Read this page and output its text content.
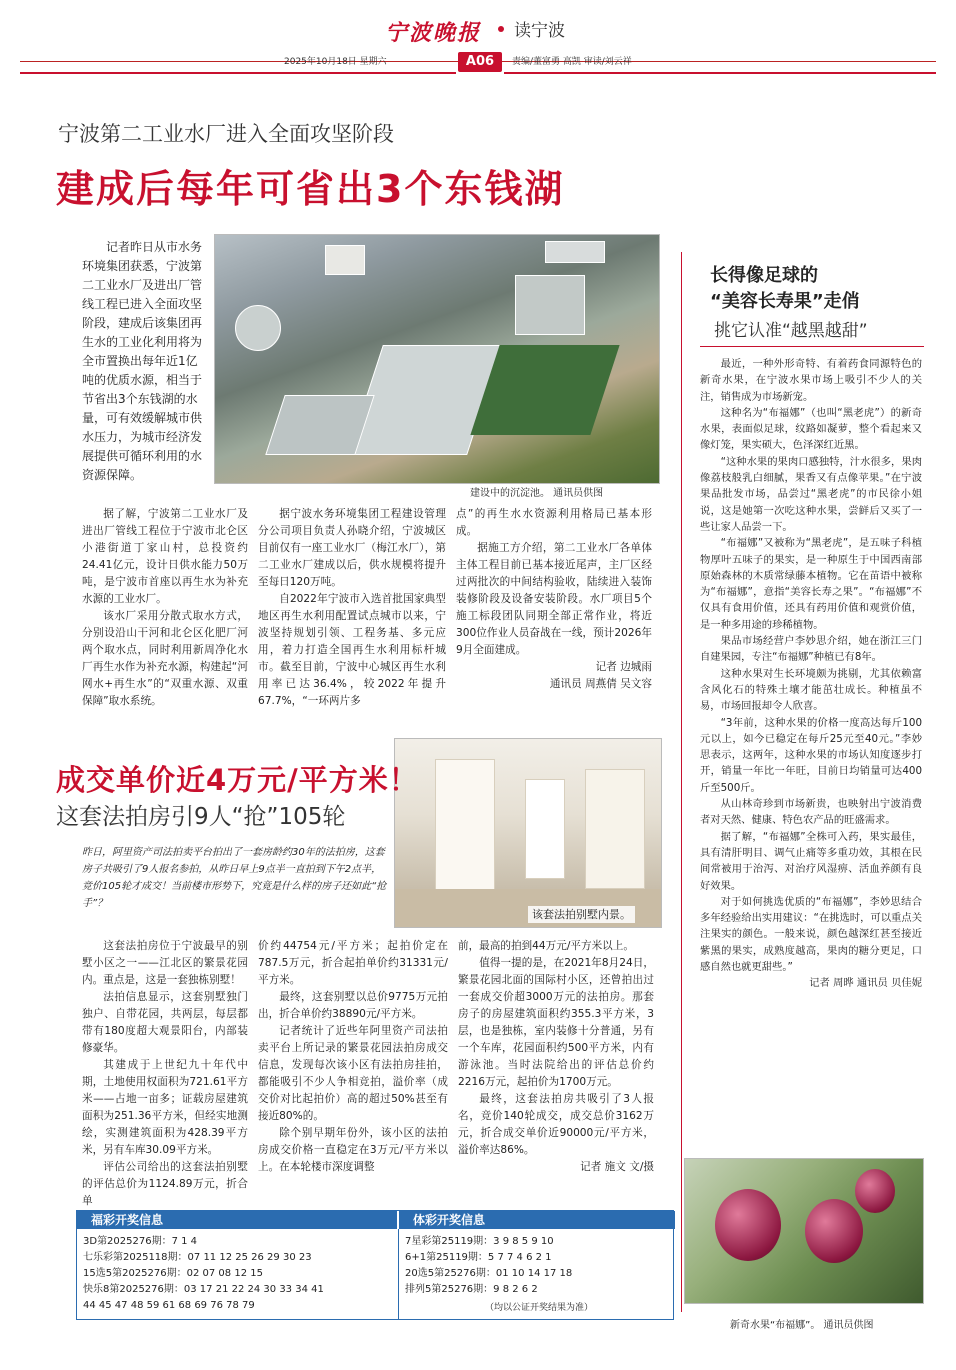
宁波晚报 读宁波
2025年10月18日 星期六	责编/董富勇 高凯 审读/刘云祥
A06
宁波第二工业水厂进入全面攻坚阶段
建成后每年可省出3个东钱湖
记者昨日从市水务环境集团获悉，宁波第二工业水厂及进出厂管线工程已进入全面攻坚阶段，建成后该集团再生水的工业化利用将为全市置换出每年近1亿吨的优质水源，相当于节省出3个东钱湖的水量，可有效缓解城市供水压力，为城市经济发展提供可循环利用的水资源保障。
建设中的沉淀池。 通讯员供图

据了解，宁波第二工业水厂及进出厂管线工程位于宁波市北仑区小港街道丁家山村，总投资约24.41亿元，设计日供水能力50万吨，是宁波市首座以再生水为补充水源的工业水厂。

该水厂采用分散式取水方式，分别设沿山干河和北仑区化肥厂河两个取水点，同时利用新周净化水厂再生水作为补充水源，构建起“河网水+再生水”的“双重水源、双重保障”取水系统。

据宁波水务环境集团工程建设管理分公司项目负责人孙晓介绍，宁波城区目前仅有一座工业水厂（梅江水厂），第二工业水厂建成以后，供水规模将提升至每日120万吨。

自2022年宁波市入选首批国家典型地区再生水利用配置试点城市以来，宁波坚持规划引领、工程务基、多元应用，着力打造全国再生水利用标杆城市。截至目前，宁波中心城区再生水利用率已达36.4%，较2022年提升67.7%，“一环两片多

点”的再生水水资源利用格局已基本形成。

据施工方介绍，第二工业水厂各单体主体工程目前已基本接近尾声，主厂区经过两批次的中间结构验收，陆续进入装饰装修阶段及设备安装阶段。水厂项目5个施工标段团队同期全部正常作业，将近300位作业人员奋战在一线，预计2026年9月全面建成。

记者 边城雨

通讯员 周燕倩 吴文容

长得像足球的
“美容长寿果”走俏
挑它认准“越黑越甜”

最近，一种外形奇特、有着药食同源特色的新奇水果，在宁波水果市场上吸引不少人的关注，销售成为市场新宠。

这种名为“布福娜”（也叫“黑老虎”）的新奇水果，表面似足球，纹路如凝萝，整个看起来又像灯笼，果实硕大，色泽深红近黑。

“这种水果的果肉口感独特，汁水很多，果肉像荔枝般乳白细腻，果香又有点像苹果。”在宁波果品批发市场，品尝过“黑老虎”的市民徐小姐说，这是她第一次吃这种水果，尝鲜后又买了一些让家人品尝一下。

“布福娜”又被称为“黑老虎”，是五味子科植物厚叶五味子的果实，是一种原生于中国西南部原始森林的木质常绿藤本植物。它在苗语中被称为“布福娜”，意指“美容长寿之果”。“布福娜”不仅具有食用价值，还具有药用价值和观赏价值，是一种多用途的珍稀植物。

果品市场经营户李妙思介绍，她在浙江三门自建果园，专注“布福娜”种植已有8年。

这种水果对生长环境颇为挑剔，尤其依赖富含风化石的特殊土壤才能茁壮成长。种植虽不易，市场回报却令人欣喜。

“3年前，这种水果的价格一度高达每斤100元以上，如今已稳定在每斤25元至40元。”李妙思表示，这两年，这种水果的市场认知度逐步打开，销量一年比一年旺，目前日均销量可达400斤至500斤。

从山林奇珍到市场新贵，也映射出宁波消费者对天然、健康、特色农产品的旺盛需求。

据了解，“布福娜”全株可入药，果实最佳，具有清肝明目、调气止痛等多重功效，其根在民间常被用于治泻、对治疗风湿痹、活血养颜有良好效果。

对于如何挑选优质的“布福娜”，李妙思结合多年经验给出实用建议：“在挑选时，可以重点关注果实的颜色。一般来说，颜色越深红甚至接近紫黑的果实，成熟度越高，果肉的糖分更足，口感自然也就更甜些。”

记者 周晔 通讯员 贝佳妮

新奇水果“布福娜”。 通讯员供图
成交单价近4万元/平方米！
这套法拍房引9人“抢”105轮
该套法拍别墅内景。
昨日，阿里资产司法拍卖平台拍出了一套房龄约30年的法拍房，这套房子共吸引了9人报名参拍，从昨日早上9点半一直拍到下午2点半，竞价105轮才成交！当前楼市形势下，究竟是什么样的房子还如此“抢手”？

这套法拍房位于宁波最早的别墅小区之一——江北区的繁景花园内。重点是，这是一套独栋别墅！

法拍信息显示，这套别墅独门独户、自带花园，共两层，每层都带有180度超大观景阳台，内部装修豪华。

其建成于上世纪九十年代中期，土地使用权面积为721.61平方米——占地一亩多；证载房屋建筑面积为251.36平方米，但经实地测绘，实测建筑面积为428.39平方米，另有车库30.09平方米。

评估公司给出的这套法拍别墅的评估总价为1124.89万元，折合单

价约44754元/平方米；起拍价定在787.5万元，折合起拍单价约31331元/平方米。

最终，这套别墅以总价9775万元拍出，折合单价约38890元/平方米。

记者统计了近些年阿里资产司法拍卖平台上所记录的繁景花园法拍房成交信息，发现每次该小区有法拍房挂拍，都能吸引不少人争相竞拍，溢价率（成交价对比起拍价）高的超过50%甚至有接近80%的。

除个别早期年份外，该小区的法拍房成交价格一直稳定在3万元/平方米以上。在本轮楼市深度调整

前，最高的拍到44万元/平方米以上。

值得一提的是，在2021年8月24日，繁景花园北面的国际村小区，还曾拍出过一套成交价超3000万元的法拍房。那套房子的房屋建筑面积约355.3平方米，3层，也是独栋，室内装修十分普通，另有一个车库，花园面积约500平方米，内有游泳池。当时法院给出的评估总价约2216万元，起拍价为1700万元。

最终，这套法拍房共吸引了3人报名，竞价140轮成交，成交总价3162万元，折合成交单价近90000元/平方米，溢价率达86%。

记者 施文 文/摄

福彩开奖信息	体彩开奖信息
3D第2025276期：7 1 4
七乐彩第2025118期：07 11 12 25 26 29 30 23
15选5第2025276期：02 07 08 12 15
快乐8第2025276期：03 17 21 22 24 30 33 34 41
44 45 47 48 59 61 68 69 76 78 79
7星彩第25119期：3 9 8 5 9 10
6+1第25119期：5 7 7 4 6 2 1
20选5第25276期：01 10 14 17 18
排列5第25276期：9 8 2 6 2
（均以公证开奖结果为准）
